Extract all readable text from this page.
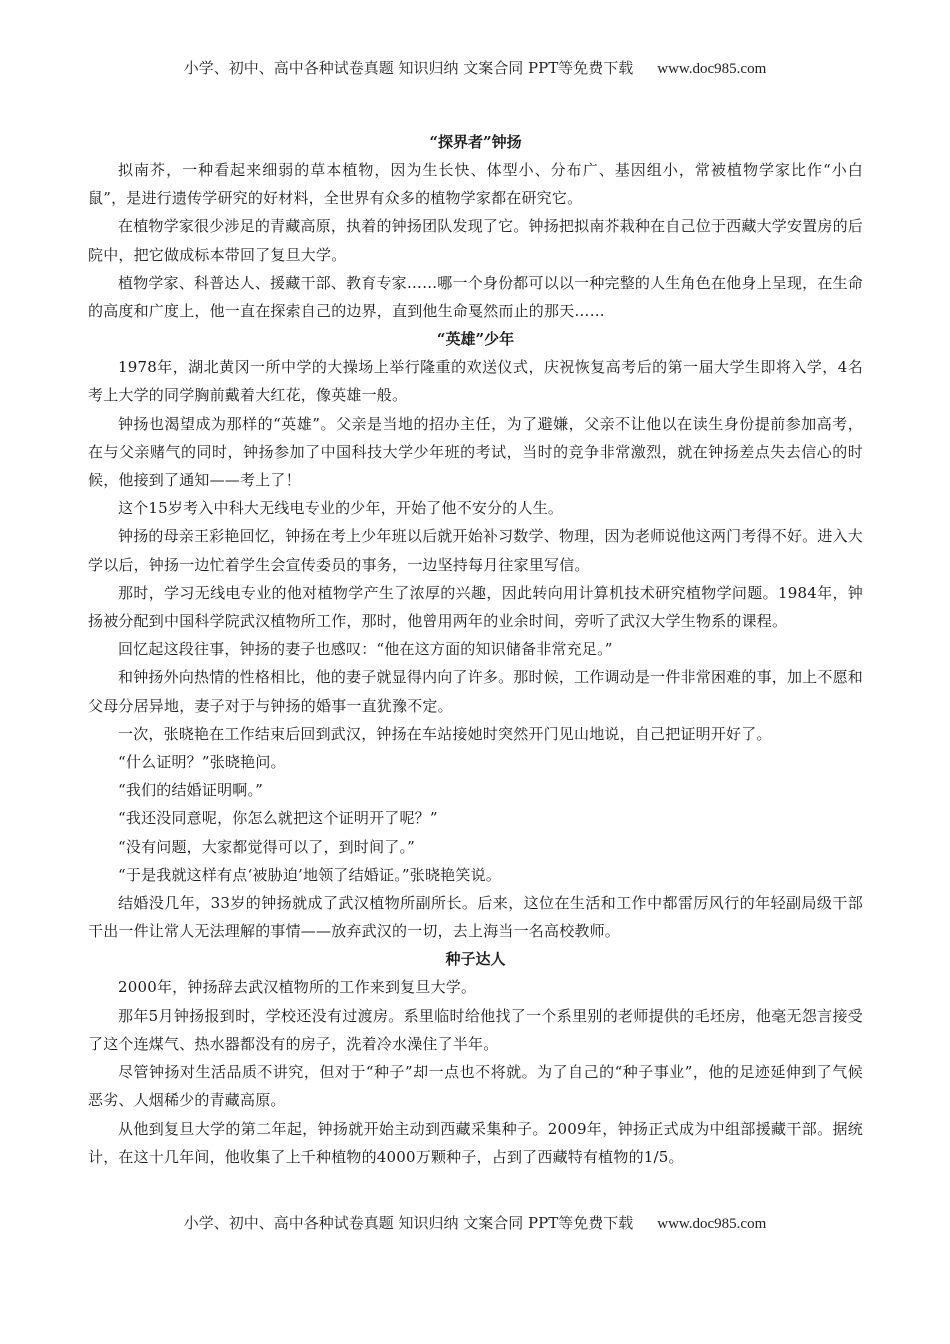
小学、初中、高中各种试卷真题 知识归纳 文案合同 PPT等免费下载 www.doc985.com
“探界者”钟扬

拟南芥，一种看起来细弱的草本植物，因为生长快、体型小、分布广、基因组小，常被植物学家比作“小白鼠”，是进行遗传学研究的好材料，全世界有众多的植物学家都在研究它。

在植物学家很少涉足的青藏高原，执着的钟扬团队发现了它。钟扬把拟南芥栽种在自己位于西藏大学安置房的后院中，把它做成标本带回了复旦大学。

植物学家、科普达人、援藏干部、教育专家……哪一个身份都可以以一种完整的人生角色在他身上呈现，在生命的高度和广度上，他一直在探索自己的边界，直到他生命戛然而止的那天……

“英雄”少年

1978年，湖北黄冈一所中学的大操场上举行隆重的欢送仪式，庆祝恢复高考后的第一届大学生即将入学，4名考上大学的同学胸前戴着大红花，像英雄一般。

钟扬也渴望成为那样的“英雄”。父亲是当地的招办主任，为了避嫌，父亲不让他以在读生身份提前参加高考，在与父亲赌气的同时，钟扬参加了中国科技大学少年班的考试，当时的竞争非常激烈，就在钟扬差点失去信心的时候，他接到了通知——考上了！

这个15岁考入中科大无线电专业的少年，开始了他不安分的人生。

钟扬的母亲王彩艳回忆，钟扬在考上少年班以后就开始补习数学、物理，因为老师说他这两门考得不好。进入大学以后，钟扬一边忙着学生会宣传委员的事务，一边坚持每月往家里写信。

那时，学习无线电专业的他对植物学产生了浓厚的兴趣，因此转向用计算机技术研究植物学问题。1984年，钟扬被分配到中国科学院武汉植物所工作，那时，他曾用两年的业余时间，旁听了武汉大学生物系的课程。

回忆起这段往事，钟扬的妻子也感叹：“他在这方面的知识储备非常充足。”

和钟扬外向热情的性格相比，他的妻子就显得内向了许多。那时候，工作调动是一件非常困难的事，加上不愿和父母分居异地，妻子对于与钟扬的婚事一直犹豫不定。

一次，张晓艳在工作结束后回到武汉，钟扬在车站接她时突然开门见山地说，自己把证明开好了。

“什么证明？”张晓艳问。

“我们的结婚证明啊。”

“我还没同意呢，你怎么就把这个证明开了呢？”

“没有问题，大家都觉得可以了，到时间了。”

“于是我就这样有点‘被胁迫’地领了结婚证。”张晓艳笑说。

结婚没几年，33岁的钟扬就成了武汉植物所副所长。后来，这位在生活和工作中都雷厉风行的年轻副局级干部干出一件让常人无法理解的事情——放弃武汉的一切，去上海当一名高校教师。

种子达人

2000年，钟扬辞去武汉植物所的工作来到复旦大学。

那年5月钟扬报到时，学校还没有过渡房。系里临时给他找了一个系里别的老师提供的毛坯房，他毫无怨言接受了这个连煤气、热水器都没有的房子，洗着冷水澡住了半年。

尽管钟扬对生活品质不讲究，但对于“种子”却一点也不将就。为了自己的“种子事业”，他的足迹延伸到了气候恶劣、人烟稀少的青藏高原。

从他到复旦大学的第二年起，钟扬就开始主动到西藏采集种子。2009年，钟扬正式成为中组部援藏干部。据统计，在这十几年间，他收集了上千种植物的4000万颗种子，占到了西藏特有植物的1/5。

小学、初中、高中各种试卷真题 知识归纳 文案合同 PPT等免费下载 www.doc985.com
